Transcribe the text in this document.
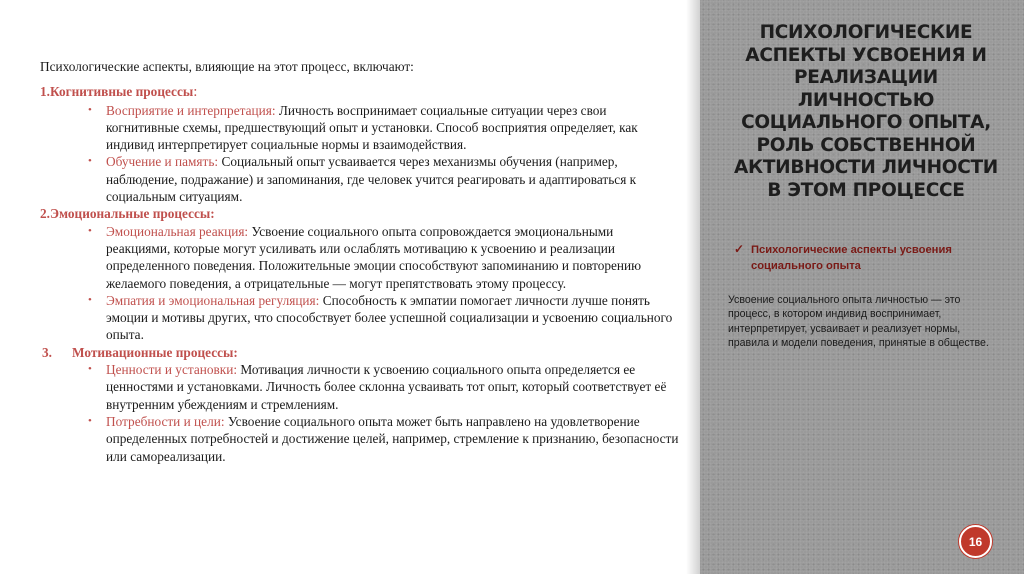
Психологические аспекты, влияющие на этот процесс, включают:

1.Когнитивные процессы:

• Восприятие и интерпретация: Личность воспринимает социальные ситуации через свои когнитивные схемы, предшествующий опыт и установки. Способ восприятия определяет, как индивид интерпретирует социальные нормы и взаимодействия.
• Обучение и память: Социальный опыт усваивается через механизмы обучения (например, наблюдение, подражание) и запоминания, где человек учится реагировать и адаптироваться к социальным ситуациям.

2.Эмоциональные процессы:

• Эмоциональная реакция: Усвоение социального опыта сопровождается эмоциональными реакциями, которые могут усиливать или ослаблять мотивацию к усвоению и реализации определенного поведения. Положительные эмоции способствуют запоминанию и повторению желаемого поведения, а отрицательные — могут препятствовать этому процессу.
• Эмпатия и эмоциональная регуляция: Способность к эмпатии помогает личности лучше понять эмоции и мотивы других, что способствует более успешной социализации и усвоению социального опыта.

3. Мотивационные процессы:

• Ценности и установки: Мотивация личности к усвоению социального опыта определяется ее ценностями и установками. Личность более склонна усваивать тот опыт, который соответствует её внутренним убеждениям и стремлениям.
• Потребности и цели: Усвоение социального опыта может быть направлено на удовлетворение определенных потребностей и достижение целей, например, стремление к признанию, безопасности или самореализации.
ПСИХОЛОГИЧЕСКИЕ АСПЕКТЫ УСВОЕНИЯ И РЕАЛИЗАЦИИ ЛИЧНОСТЬЮ СОЦИАЛЬНОГО ОПЫТА, РОЛЬ СОБСТВЕННОЙ АКТИВНОСТИ ЛИЧНОСТИ В ЭТОМ ПРОЦЕССЕ
✓ Психологические аспекты усвоения социального опыта
Усвоение социального опыта личностью — это процесс, в котором индивид воспринимает, интерпретирует, усваивает и реализует нормы, правила и модели поведения, принятые в обществе.
16
